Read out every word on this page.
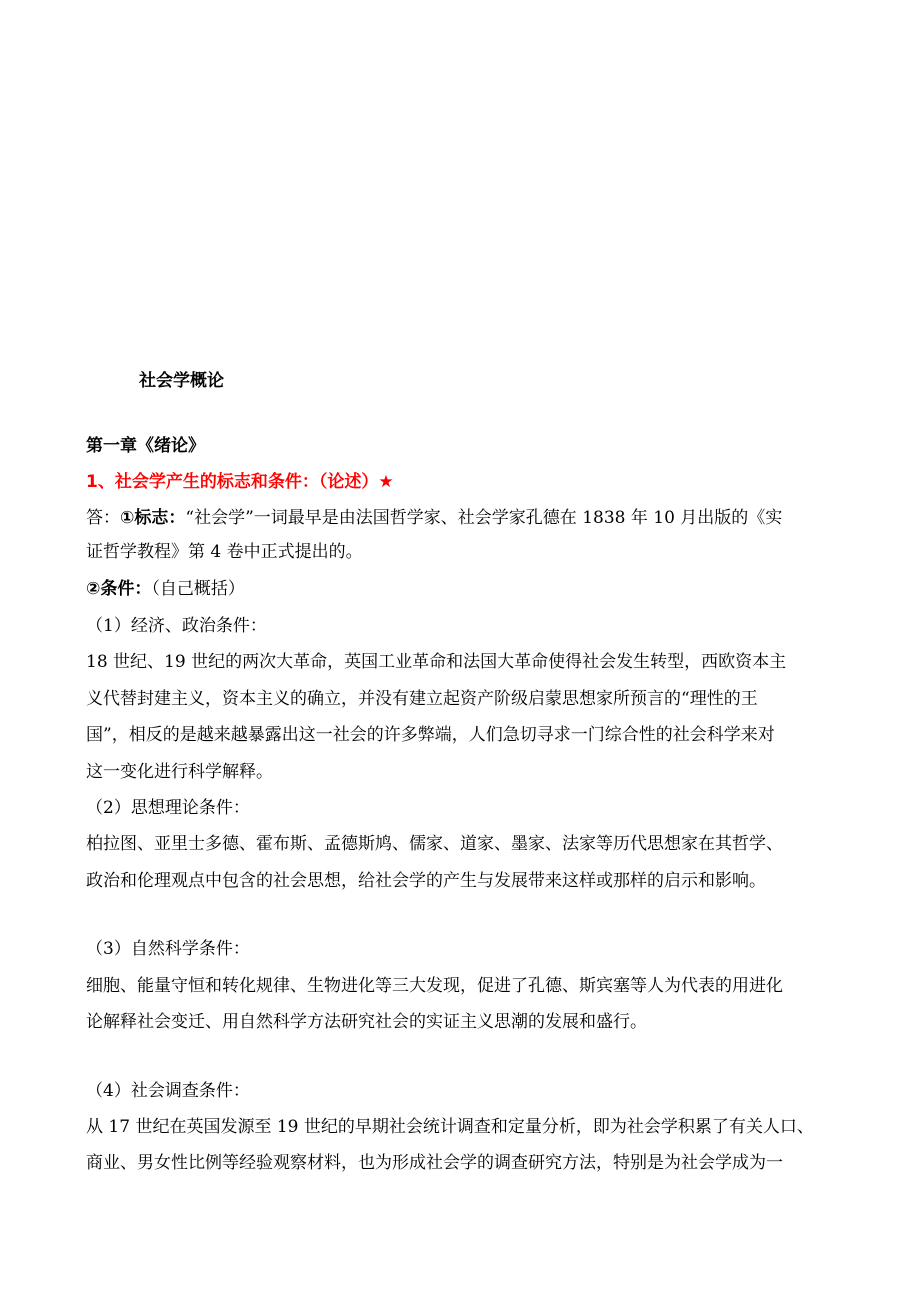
社会学概论
第一章《绪论》
1、社会学产生的标志和条件：（论述）★
答：①标志：“社会学”一词最早是由法国哲学家、社会学家孔德在 1838 年 10 月出版的《实
证哲学教程》第 4 卷中正式提出的。
②条件：（自己概括）
（1）经济、政治条件：
18 世纪、19 世纪的两次大革命，英国工业革命和法国大革命使得社会发生转型，西欧资本主
义代替封建主义，资本主义的确立，并没有建立起资产阶级启蒙思想家所预言的“理性的王
国”，相反的是越来越暴露出这一社会的许多弊端，人们急切寻求一门综合性的社会科学来对
这一变化进行科学解释。
（2）思想理论条件：
柏拉图、亚里士多德、霍布斯、孟德斯鸠、儒家、道家、墨家、法家等历代思想家在其哲学、
政治和伦理观点中包含的社会思想，给社会学的产生与发展带来这样或那样的启示和影响。
（3）自然科学条件：
细胞、能量守恒和转化规律、生物进化等三大发现，促进了孔德、斯宾塞等人为代表的用进化
论解释社会变迁、用自然科学方法研究社会的实证主义思潮的发展和盛行。
（4）社会调查条件：
从 17 世纪在英国发源至 19 世纪的早期社会统计调查和定量分析，即为社会学积累了有关人口、
商业、男女性比例等经验观察材料，也为形成社会学的调查研究方法，特别是为社会学成为一
